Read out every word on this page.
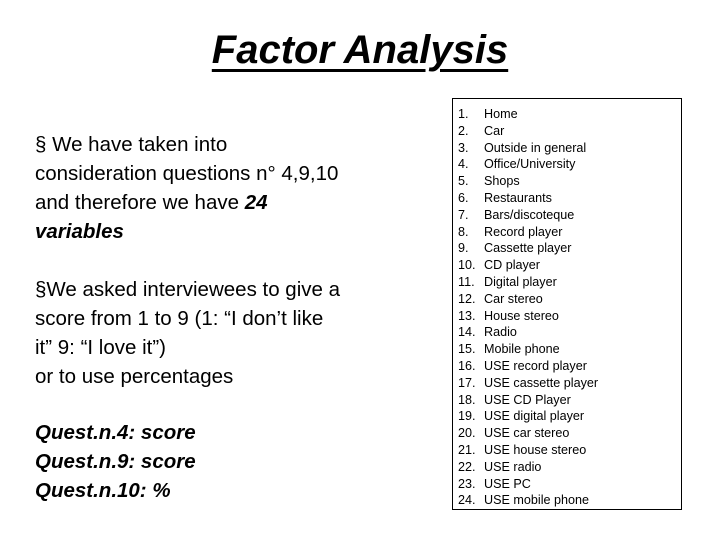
Factor Analysis
§ We have taken into
consideration questions n° 4,9,10
and therefore we have 24
variables
§We asked interviewees to give a
score from 1 to 9 (1: “I don’t like
it” 9: “I love it”)
or to use percentages
Quest.n.4: score
Quest.n.9: score
Quest.n.10: %
1.	Home
2.	Car
3.	Outside in general
4.	Office/University
5.	Shops
6.	Restaurants
7.	Bars/discoteque
8.	Record player
9.	Cassette player
10. CD player
11. Digital player
12. Car stereo
13. House stereo
14. Radio
15. Mobile phone
16. USE record player
17. USE cassette player
18. USE CD Player
19. USE digital player
20. USE car stereo
21. USE house stereo
22. USE radio
23. USE PC
24. USE mobile phone
